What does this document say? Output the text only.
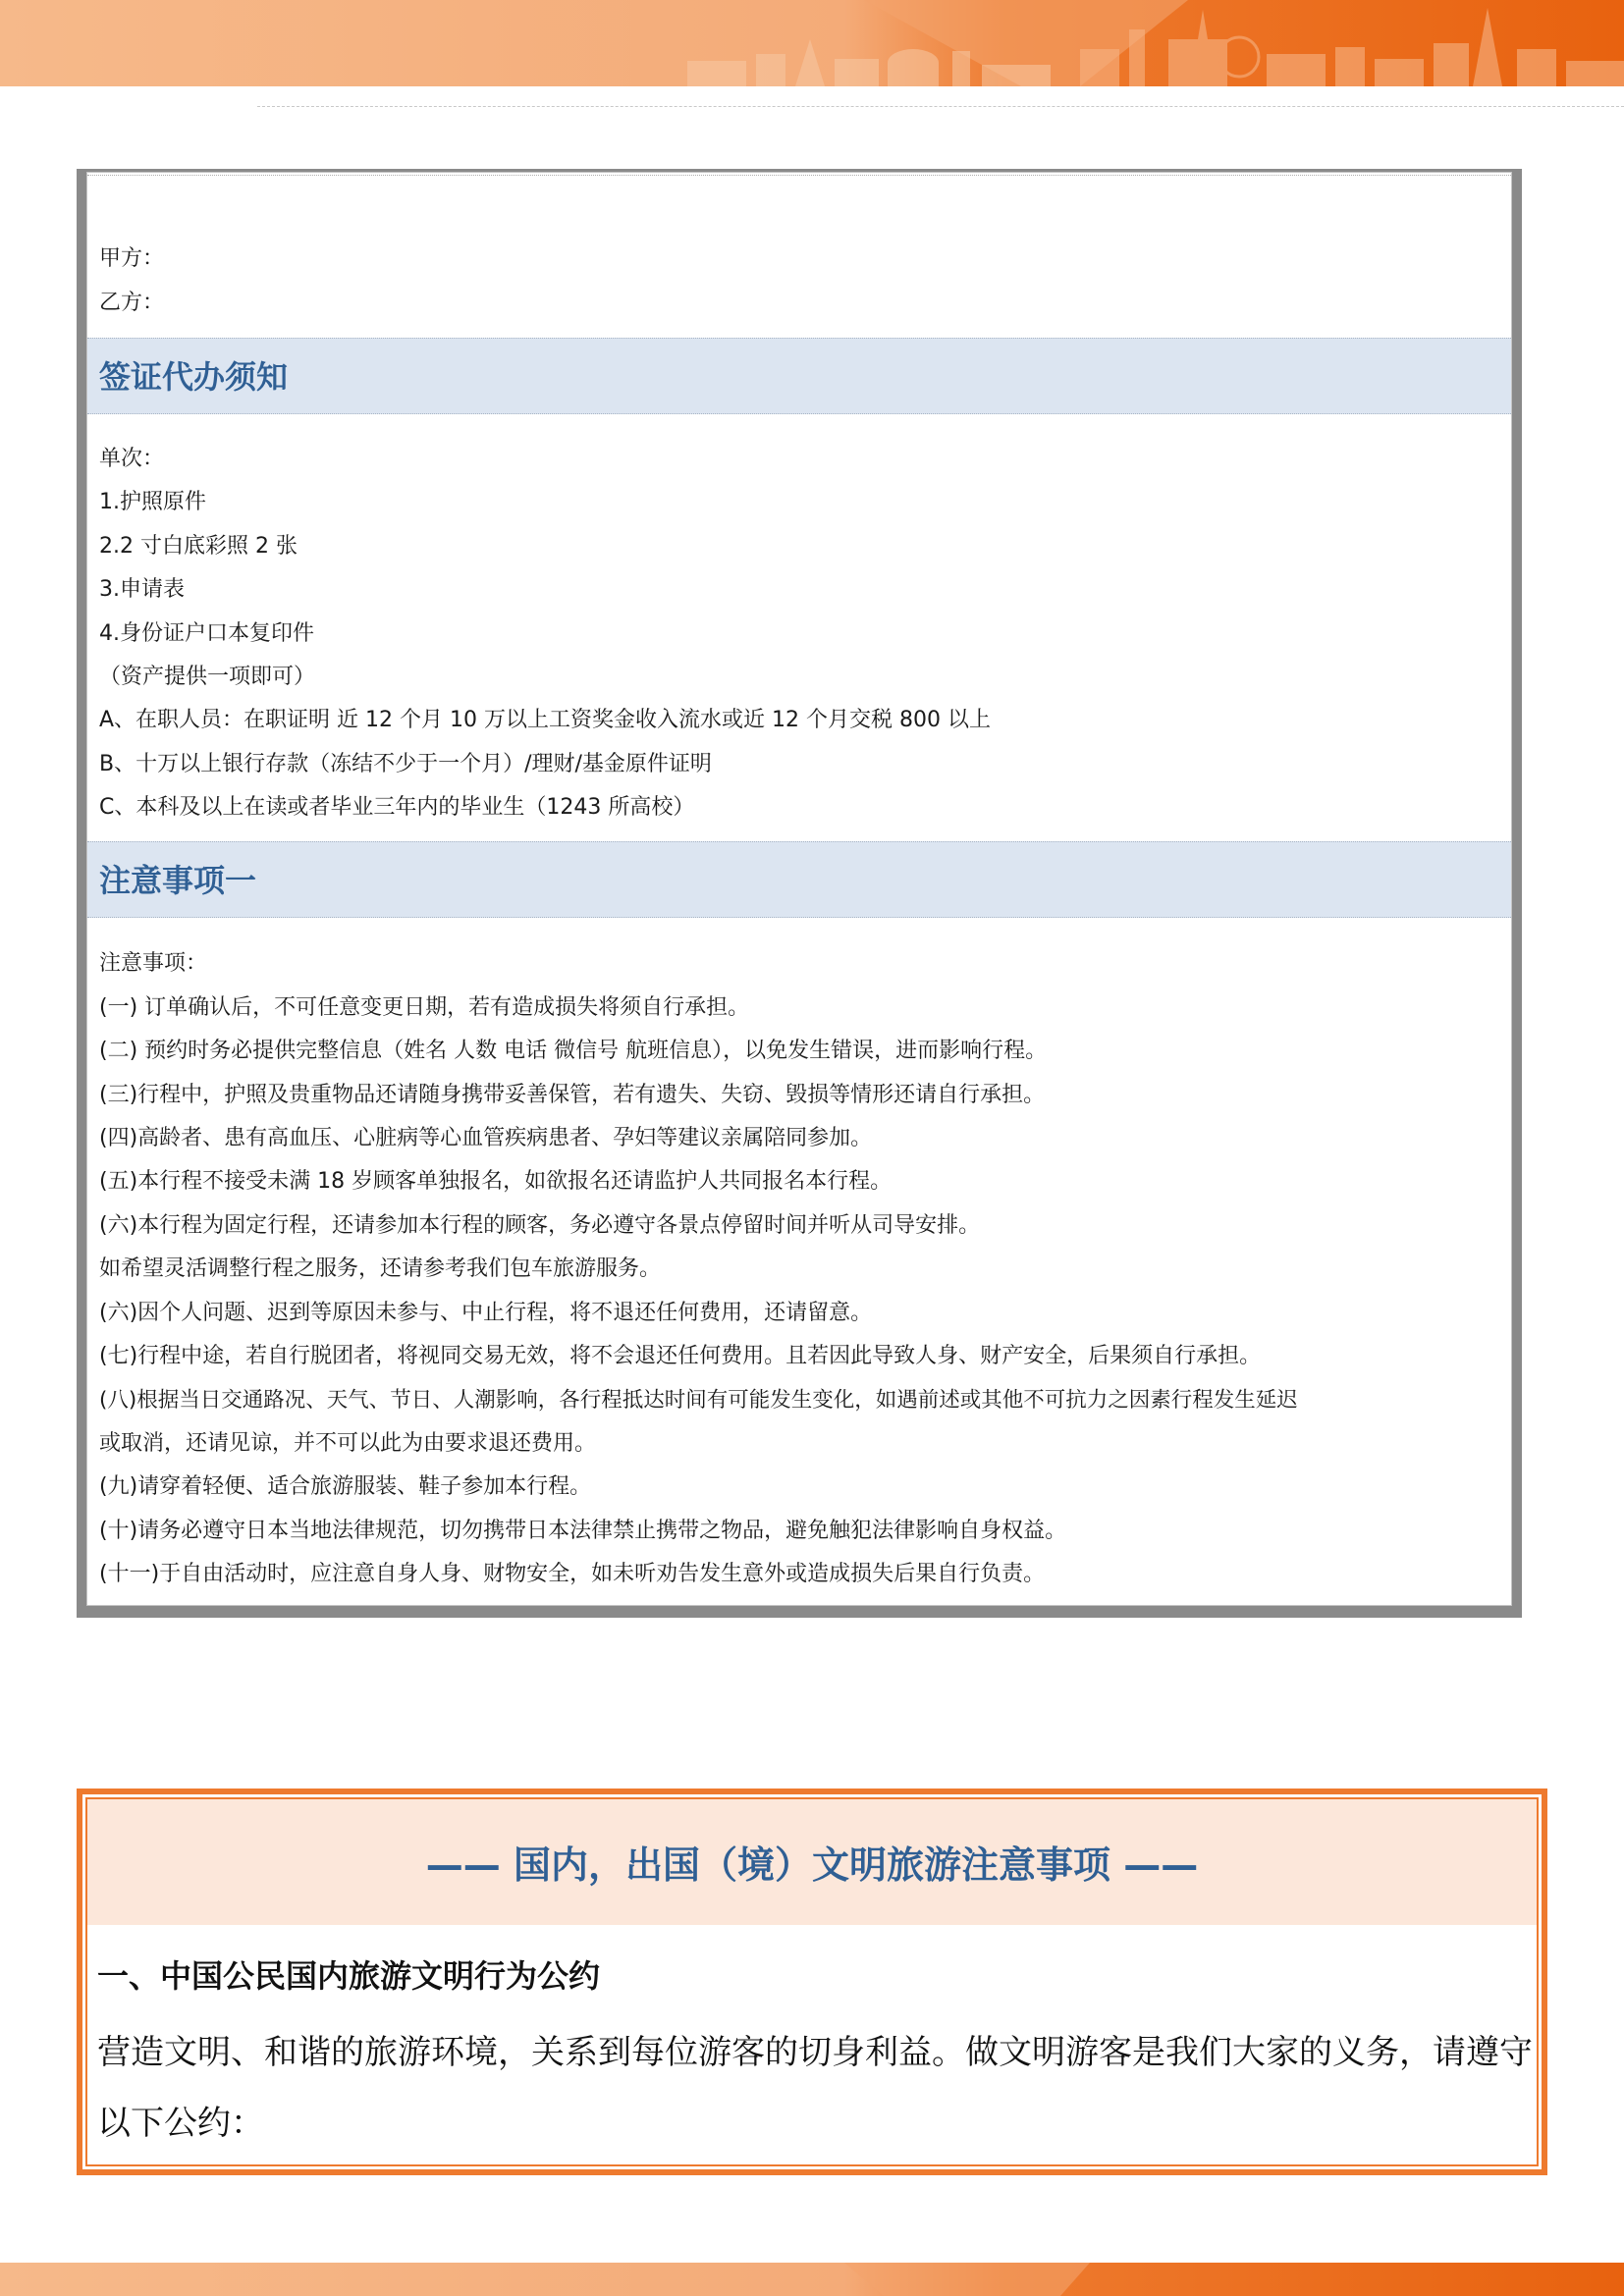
甲方：
乙方：
签证代办须知
单次：
1.护照原件
2.2 寸白底彩照 2 张
3.申请表
4.身份证户口本复印件
（资产提供一项即可）
A、在职人员：在职证明 近 12 个月 10 万以上工资奖金收入流水或近 12 个月交税 800 以上
B、十万以上银行存款（冻结不少于一个月）/理财/基金原件证明
C、本科及以上在读或者毕业三年内的毕业生（1243 所高校）
注意事项一
注意事项：
(一) 订单确认后，不可任意变更日期，若有造成损失将须自行承担。
(二) 预约时务必提供完整信息（姓名 人数 电话 微信号 航班信息），以免发生错误，进而影响行程。
(三)行程中，护照及贵重物品还请随身携带妥善保管，若有遗失、失窃、毁损等情形还请自行承担。
(四)高龄者、患有高血压、心脏病等心血管疾病患者、孕妇等建议亲属陪同参加。
(五)本行程不接受未满 18 岁顾客单独报名，如欲报名还请监护人共同报名本行程。
(六)本行程为固定行程，还请参加本行程的顾客，务必遵守各景点停留时间并听从司导安排。
如希望灵活调整行程之服务，还请参考我们包车旅游服务。
(六)因个人问题、迟到等原因未参与、中止行程，将不退还任何费用，还请留意。
(七)行程中途，若自行脱团者，将视同交易无效，将不会退还任何费用。且若因此导致人身、财产安全，后果须自行承担。
(八)根据当日交通路况、天气、节日、人潮影响，各行程抵达时间有可能发生变化，如遇前述或其他不可抗力之因素行程发生延迟
或取消，还请见谅，并不可以此为由要求退还费用。
(九)请穿着轻便、适合旅游服装、鞋子参加本行程。
(十)请务必遵守日本当地法律规范，切勿携带日本法律禁止携带之物品，避免触犯法律影响自身权益。
(十一)于自由活动时，应注意自身人身、财物安全，如未听劝告发生意外或造成损失后果自行负责。
—— 国内，出国（境）文明旅游注意事项 ——
一、中国公民国内旅游文明行为公约
营造文明、和谐的旅游环境，关系到每位游客的切身利益。做文明游客是我们大家的义务，请遵守以下公约：
